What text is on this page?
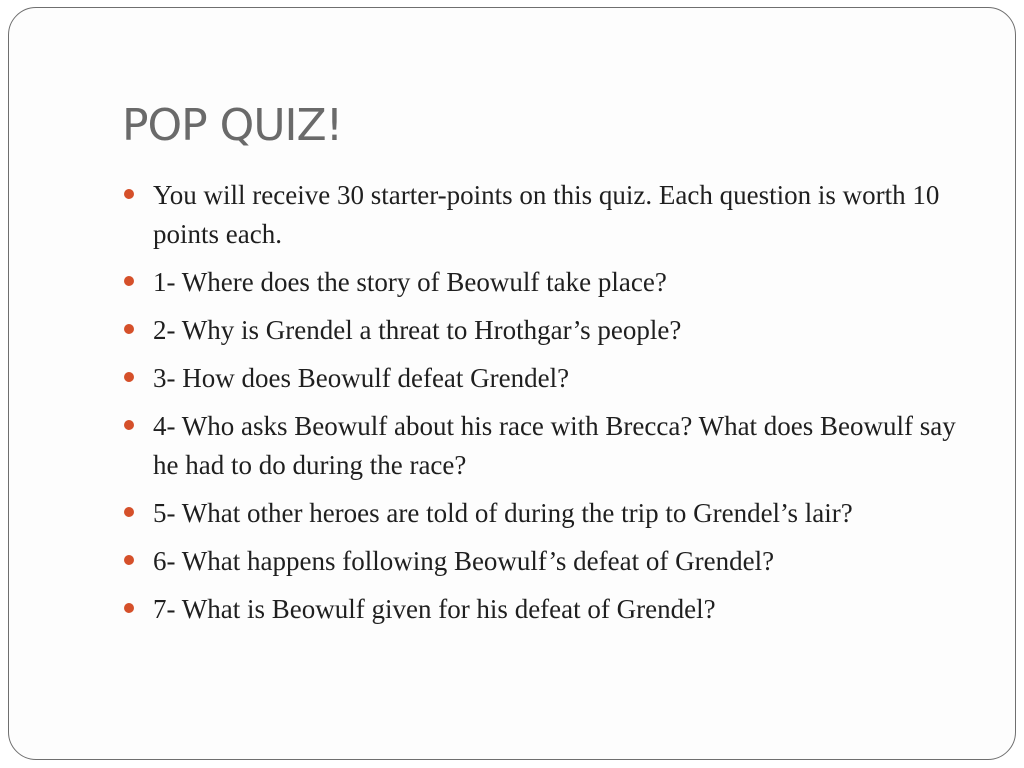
POP QUIZ!
You will receive 30 starter-points on this quiz. Each question is worth 10 points each.
1- Where does the story of Beowulf take place?
2- Why is Grendel a threat to Hrothgar’s people?
3- How does Beowulf defeat Grendel?
4- Who asks Beowulf about his race with Brecca? What does Beowulf say he had to do during the race?
5- What other heroes are told of during the trip to Grendel’s lair?
6- What happens following Beowulf’s defeat of Grendel?
7- What is Beowulf given for his defeat of Grendel?
